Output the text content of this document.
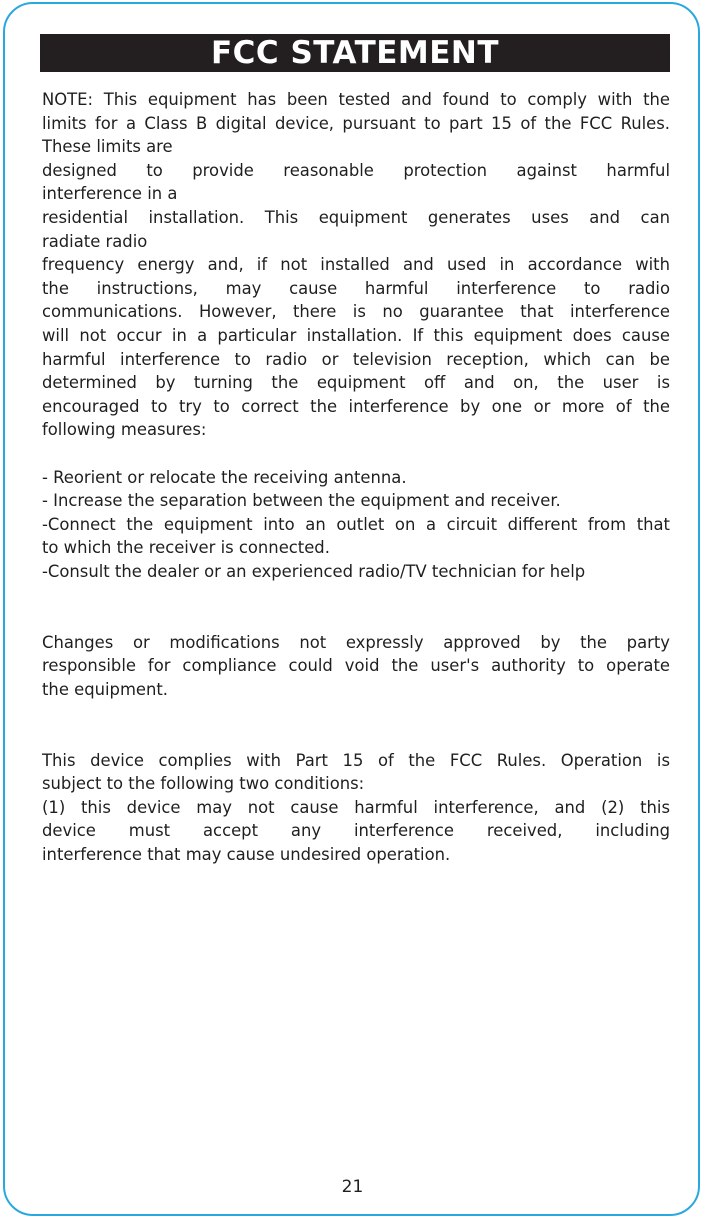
FCC STATEMENT
NOTE: This equipment has been tested and found to comply with the
limits for a Class B digital device, pursuant to part 15 of the FCC Rules.
These limits are
designed to provide reasonable protection against harmful
interference in a
residential installation. This equipment generates uses and can
radiate radio
frequency energy and, if not installed and used in accordance with
the instructions, may cause harmful interference to radio
communications. However, there is no guarantee that interference
will not occur in a particular installation. If this equipment does cause
harmful interference to radio or television reception, which can be
determined by turning the equipment off and on, the user is
encouraged to try to correct the interference by one or more of the
following measures:
- Reorient or relocate the receiving antenna.
- Increase the separation between the equipment and receiver.
-Connect the equipment into an outlet on a circuit different from that
to which the receiver is connected.
-Consult the dealer or an experienced radio/TV technician for help
Changes or modifications not expressly approved by the party
responsible for compliance could void the user's authority to operate
the equipment.
This device complies with Part 15 of the FCC Rules. Operation is
subject to the following two conditions:
(1) this device may not cause harmful interference, and (2) this
device must accept any interference received, including
interference that may cause undesired operation.
21
